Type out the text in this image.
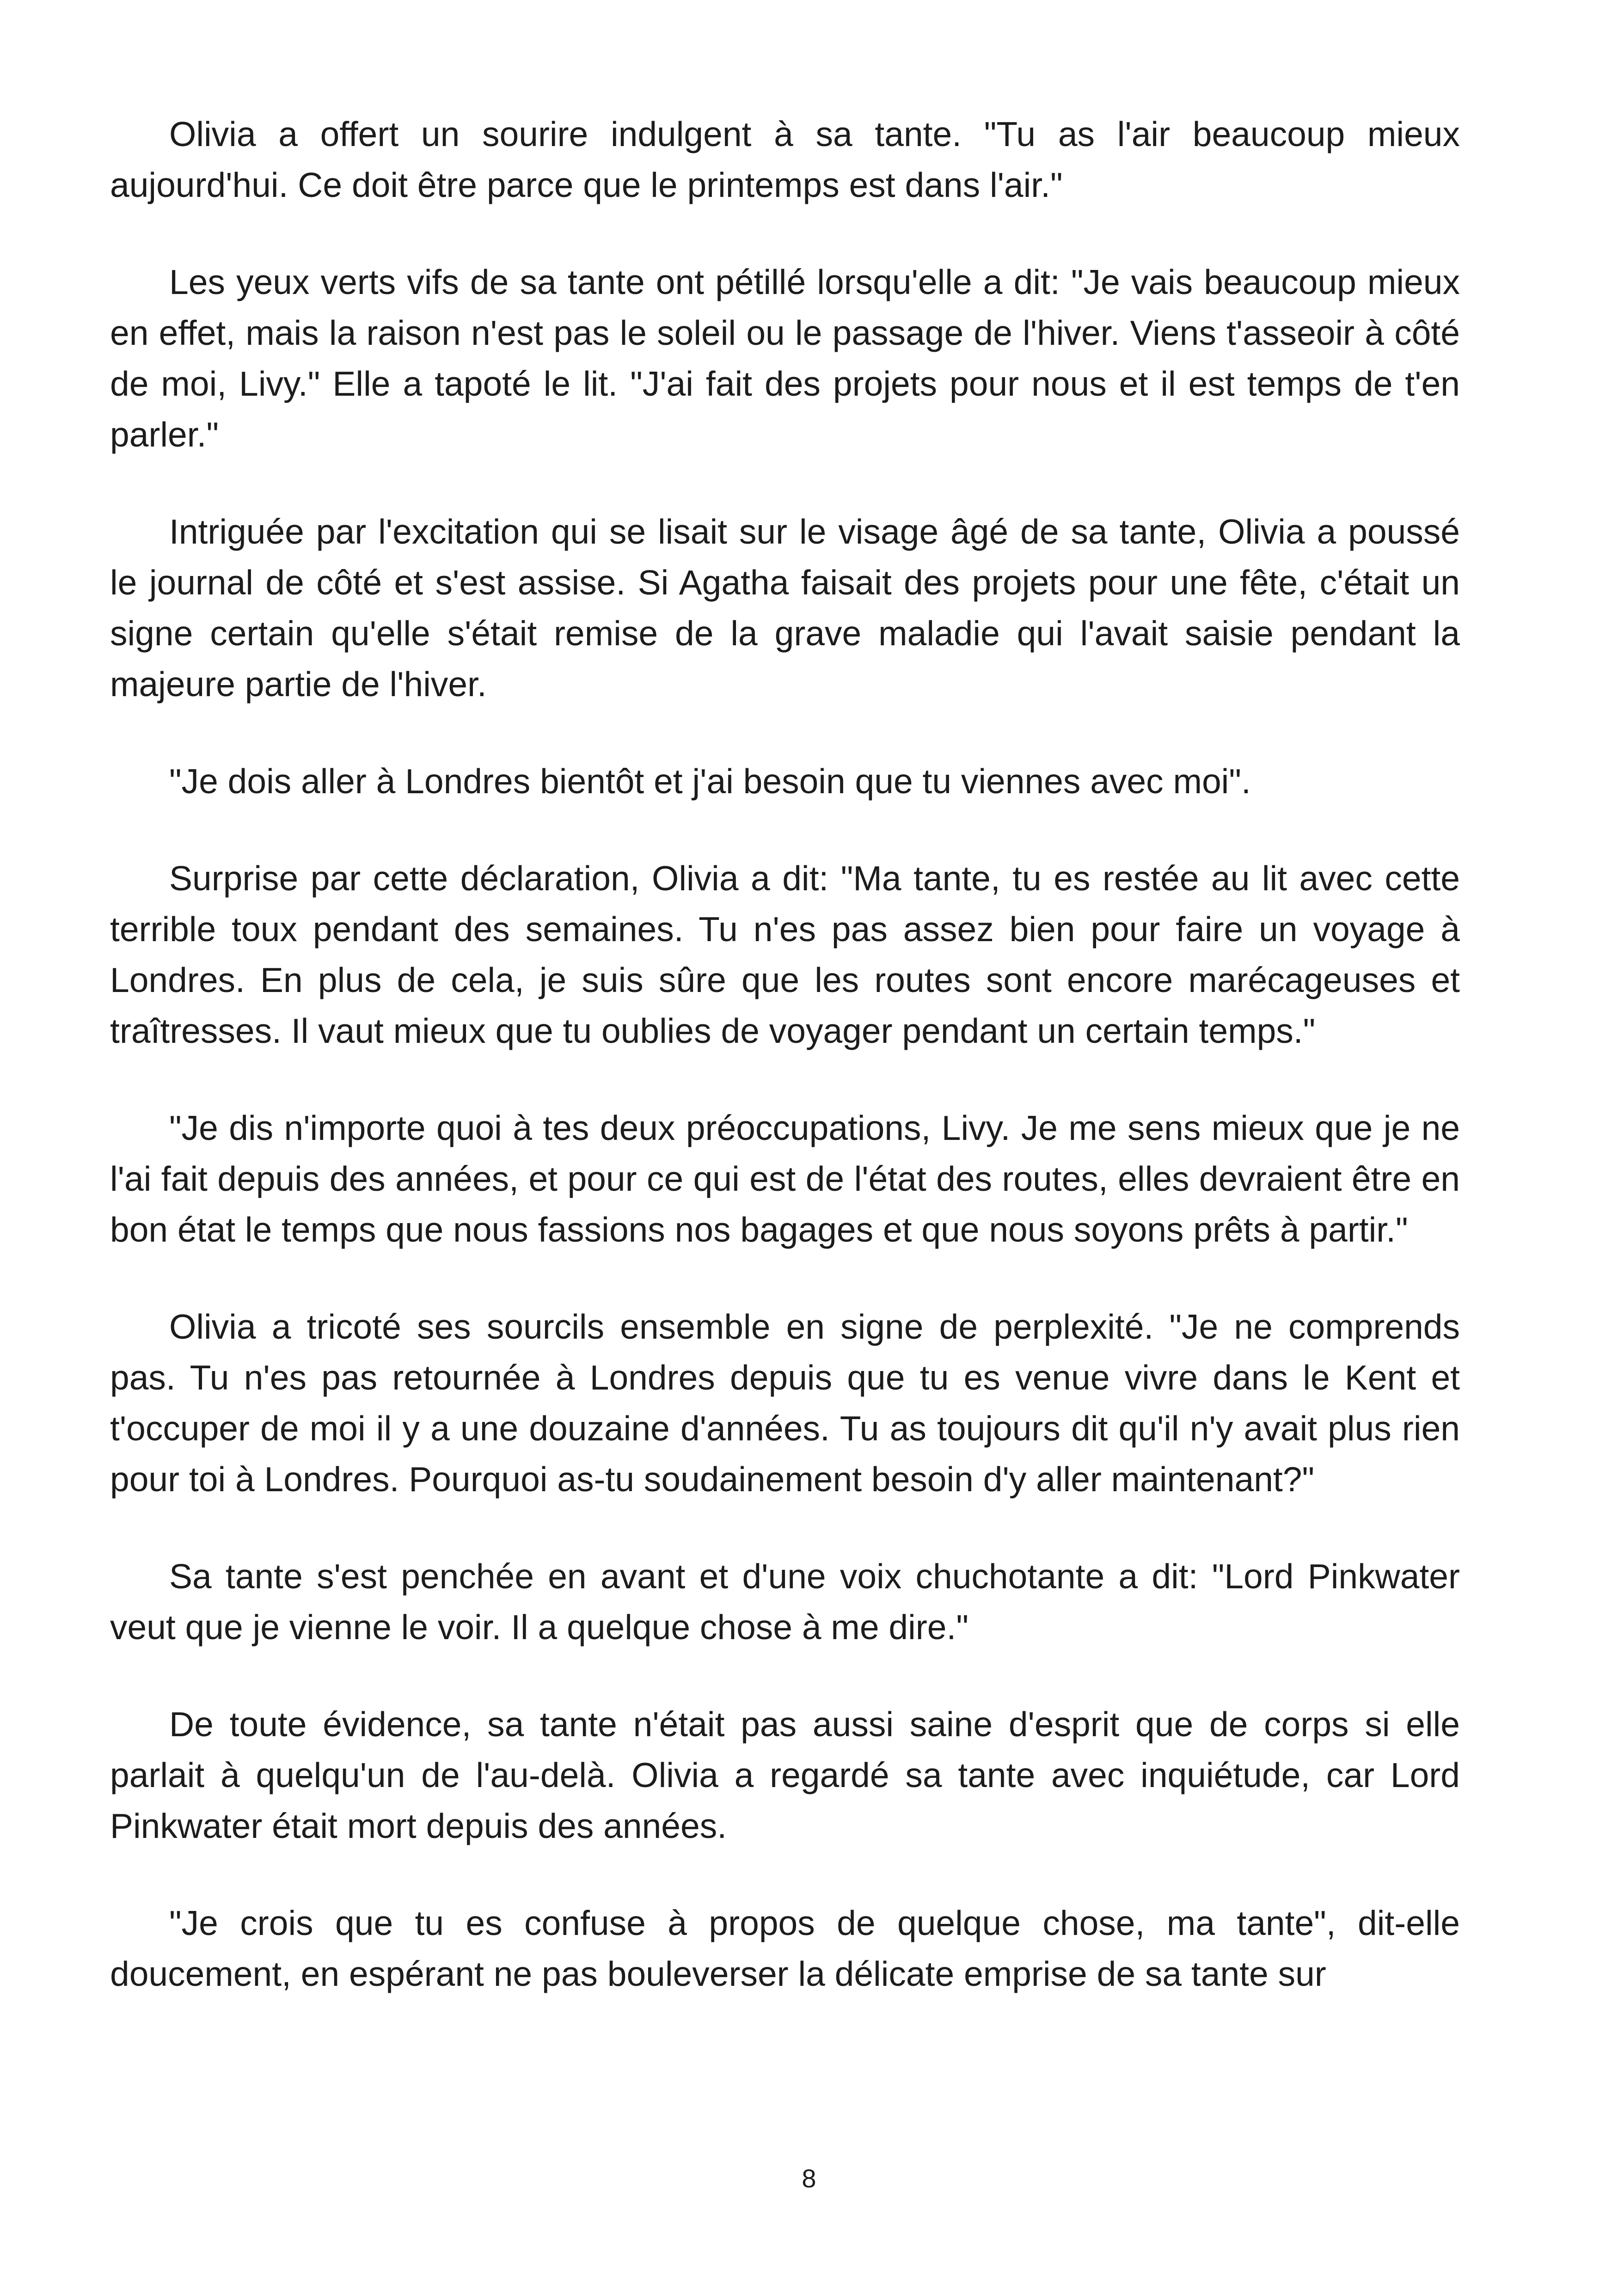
Olivia a offert un sourire indulgent à sa tante. "Tu as l'air beaucoup mieux aujourd'hui. Ce doit être parce que le printemps est dans l'air."

Les yeux verts vifs de sa tante ont pétillé lorsqu'elle a dit: "Je vais beaucoup mieux en effet, mais la raison n'est pas le soleil ou le passage de l'hiver. Viens t'asseoir à côté de moi, Livy." Elle a tapoté le lit. "J'ai fait des projets pour nous et il est temps de t'en parler."

Intriguée par l'excitation qui se lisait sur le visage âgé de sa tante, Olivia a poussé le journal de côté et s'est assise. Si Agatha faisait des projets pour une fête, c'était un signe certain qu'elle s'était remise de la grave maladie qui l'avait saisie pendant la majeure partie de l'hiver.

"Je dois aller à Londres bientôt et j'ai besoin que tu viennes avec moi".

Surprise par cette déclaration, Olivia a dit: "Ma tante, tu es restée au lit avec cette terrible toux pendant des semaines. Tu n'es pas assez bien pour faire un voyage à Londres. En plus de cela, je suis sûre que les routes sont encore marécageuses et traîtresses. Il vaut mieux que tu oublies de voyager pendant un certain temps."

"Je dis n'importe quoi à tes deux préoccupations, Livy. Je me sens mieux que je ne l'ai fait depuis des années, et pour ce qui est de l'état des routes, elles devraient être en bon état le temps que nous fassions nos bagages et que nous soyons prêts à partir."

Olivia a tricoté ses sourcils ensemble en signe de perplexité. "Je ne comprends pas. Tu n'es pas retournée à Londres depuis que tu es venue vivre dans le Kent et t'occuper de moi il y a une douzaine d'années. Tu as toujours dit qu'il n'y avait plus rien pour toi à Londres. Pourquoi as-tu soudainement besoin d'y aller maintenant?"

Sa tante s'est penchée en avant et d'une voix chuchotante a dit: "Lord Pinkwater veut que je vienne le voir. Il a quelque chose à me dire."

De toute évidence, sa tante n'était pas aussi saine d'esprit que de corps si elle parlait à quelqu'un de l'au-delà. Olivia a regardé sa tante avec inquiétude, car Lord Pinkwater était mort depuis des années.

"Je crois que tu es confuse à propos de quelque chose, ma tante", dit-elle doucement, en espérant ne pas bouleverser la délicate emprise de sa tante sur

8
